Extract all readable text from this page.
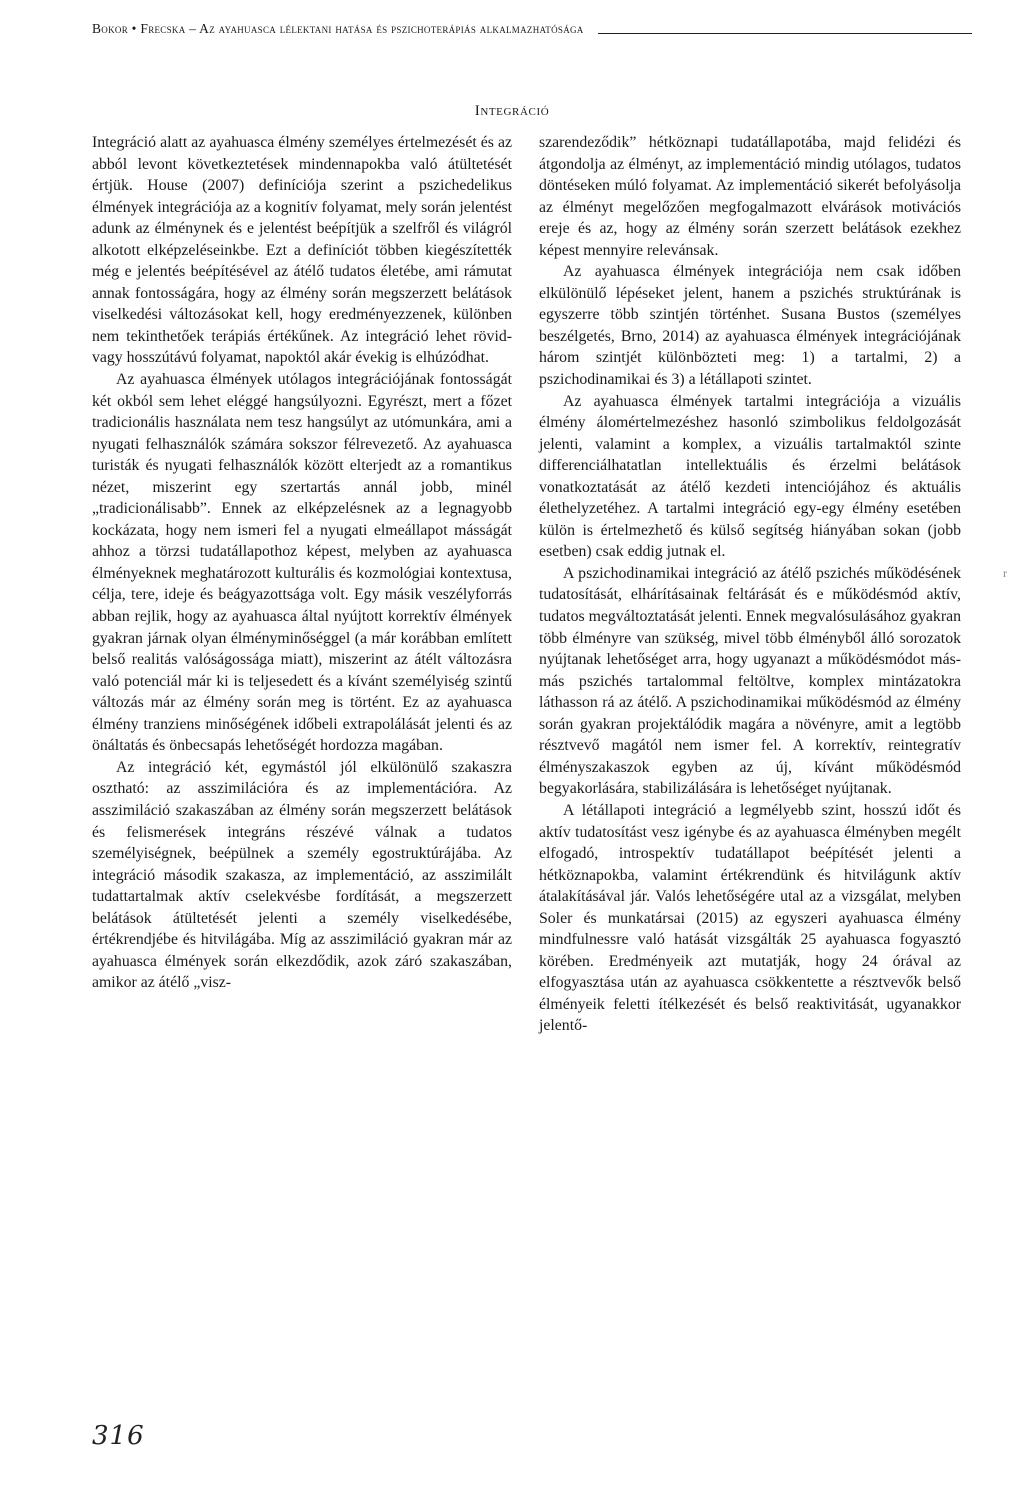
Bokor • Frecska – Az ayahuasca lélektani hatása és pszichoterápiás alkalmazhatósága
Integráció

Integráció alatt az ayahuasca élmény személyes értelmezését és az abból levont következtetések mindennapokba való átültetését értjük. House (2007) definíciója szerint a pszichedelikus élmények integrációja az a kognitív folyamat, mely során jelentést adunk az élménynek és e jelentést beépítjük a szelfről és világról alkotott elképzeléseinkbe. Ezt a definíciót többen kiegészítették még e jelentés beépítésével az átélő tudatos életébe, ami rámutat annak fontosságára, hogy az élmény során megszerzett belátások viselkedési változásokat kell, hogy eredményezzenek, különben nem tekinthetőek terápiás értékűnek. Az integráció lehet rövid- vagy hosszútávú folyamat, napoktól akár évekig is elhúzódhat.

Az ayahuasca élmények utólagos integrációjának fontosságát két okból sem lehet eléggé hangsúlyozni. Egyrészt, mert a főzet tradicionális használata nem tesz hangsúlyt az utómunkára, ami a nyugati felhasználók számára sokszor félrevezető. Az ayahuasca turisták és nyugati felhasználók között elterjedt az a romantikus nézet, miszerint egy szertartás annál jobb, minél „tradicionálisabb”. Ennek az elképzelésnek az a legnagyobb kockázata, hogy nem ismeri fel a nyugati elmeállapot másságát ahhoz a törzsi tudatállapothoz képest, melyben az ayahuasca élményeknek meghatározott kulturális és kozmológiai kontextusa, célja, tere, ideje és beágyazottsága volt. Egy másik veszélyforrás abban rejlik, hogy az ayahuasca által nyújtott korrektív élmények gyakran járnak olyan élményminőséggel (a már korábban említett belső realitás valóságossága miatt), miszerint az átélt változásra való potenciál már ki is teljesedett és a kívánt személyiség szintű változás már az élmény során meg is történt. Ez az ayahuasca élmény tranziens minőségének időbeli extrapolálását jelenti és az önáltatás és önbecsapás lehetőségét hordozza magában.

Az integráció két, egymástól jól elkülönülő szakaszra osztható: az asszimilációra és az implementációra. Az asszimiláció szakaszában az élmény során megszerzett belátások és felismerések integráns részévé válnak a tudatos személyiségnek, beépülnek a személy egostruktúrájába. Az integráció második szakasza, az implementáció, az asszimilált tudattartalmak aktív cselekvésbe fordítását, a megszerzett belátások átültetését jelenti a személy viselkedésébe, értékrendjébe és hitvilágába. Míg az asszimiláció gyakran már az ayahuasca élmények során elkezdődik, azok záró szakaszában, amikor az átélő „visz-

szarendeződik” hétköznapi tudatállapotába, majd felidézi és átgondolja az élményt, az implementáció mindig utólagos, tudatos döntéseken múló folyamat. Az implementáció sikerét befolyásolja az élményt megelőzően megfogalmazott elvárások motivációs ereje és az, hogy az élmény során szerzett belátások ezekhez képest mennyire relevánsak.

Az ayahuasca élmények integrációja nem csak időben elkülönülő lépéseket jelent, hanem a pszichés struktúrának is egyszerre több szintjén történhet. Susana Bustos (személyes beszélgetés, Brno, 2014) az ayahuasca élmények integrációjának három szintjét különbözteti meg: 1) a tartalmi, 2) a pszichodinamikai és 3) a létállapoti szintet.

Az ayahuasca élmények tartalmi integrációja a vizuális élmény álomértelmezéshez hasonló szimbolikus feldolgozását jelenti, valamint a komplex, a vizuális tartalmaktól szinte differenciálhatatlan intellektuális és érzelmi belátások vonatkoztatását az átélő kezdeti intenciójához és aktuális élethelyzetéhez. A tartalmi integráció egy-egy élmény esetében külön is értelmezhető és külső segítség hiányában sokan (jobb esetben) csak eddig jutnak el.

A pszichodinamikai integráció az átélő pszichés működésének tudatosítását, elhárításainak feltárását és e működésmód aktív, tudatos megváltoztatását jelenti. Ennek megvalósulásához gyakran több élményre van szükség, mivel több élményből álló sorozatok nyújtanak lehetőséget arra, hogy ugyanazt a működésmódot más-más pszichés tartalommal feltöltve, komplex mintázatokra láthasson rá az átélő. A pszichodinamikai működésmód az élmény során gyakran projektálódik magára a növényre, amit a legtöbb résztvevő magától nem ismer fel. A korrektív, reintegratív élményszakaszok egyben az új, kívánt működésmód begyakorlására, stabilizálására is lehetőséget nyújtanak.

A létállapoti integráció a legmélyebb szint, hosszú időt és aktív tudatosítást vesz igénybe és az ayahuasca élményben megélt elfogadó, introspektív tudatállapot beépítését jelenti a hétköznapokba, valamint értékrendünk és hitvilágunk aktív átalakításával jár. Valós lehetőségére utal az a vizsgálat, melyben Soler és munkatársai (2015) az egyszeri ayahuasca élmény mindfulnessre való hatását vizsgálták 25 ayahuasca fogyasztó körében. Eredményeik azt mutatják, hogy 24 órával az elfogyasztása után az ayahuasca csökkentette a résztvevők belső élményeik feletti ítélkezését és belső reaktivitását, ugyanakkor jelentő-

r
316
